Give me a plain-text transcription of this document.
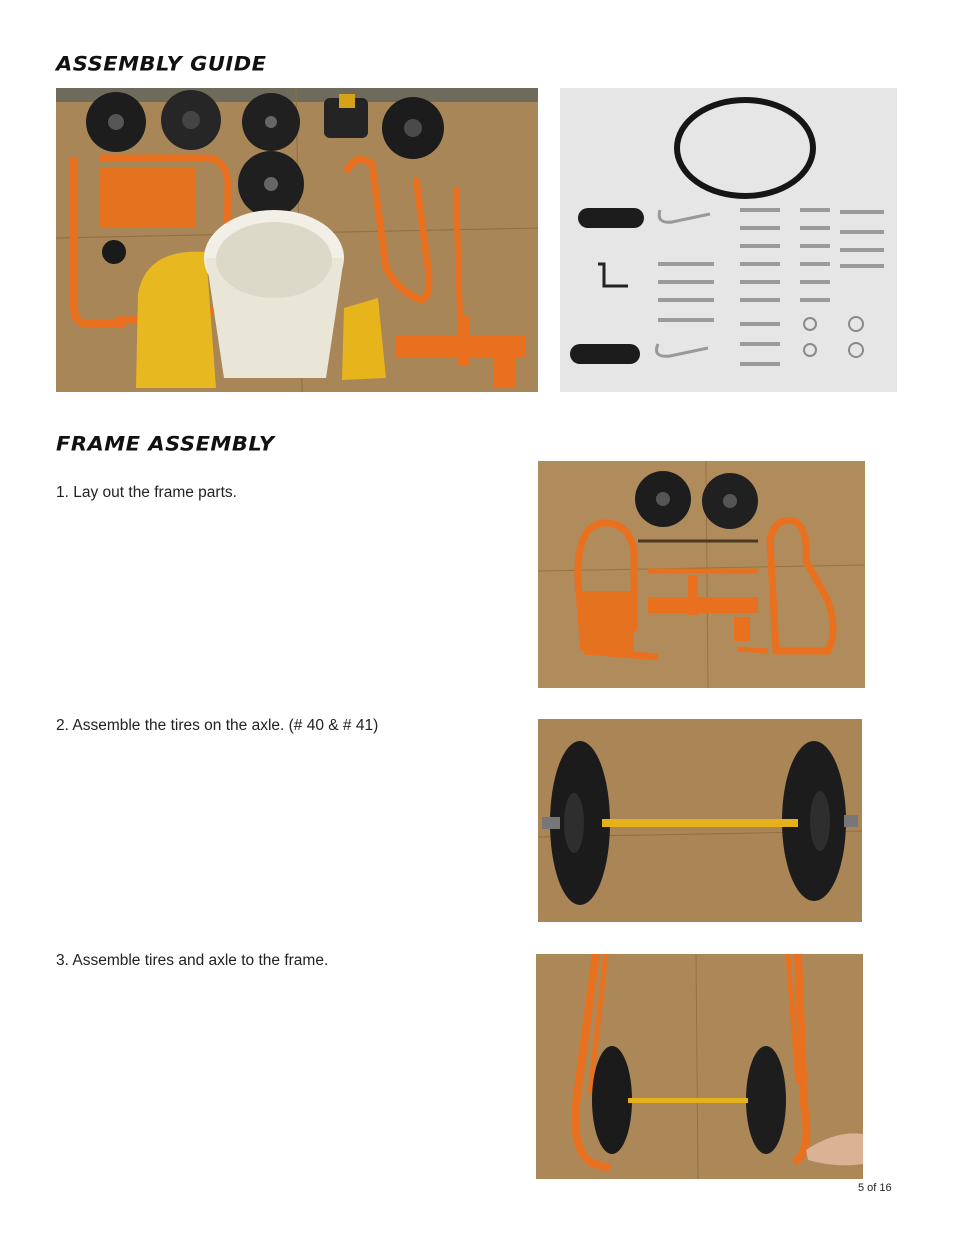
ASSEMBLY GUIDE
FRAME ASSEMBLY

1. Lay out the frame parts.

2. Assemble the tires on the axle. (# 40 & # 41)

3. Assemble tires and axle to the frame.

5 of 16
